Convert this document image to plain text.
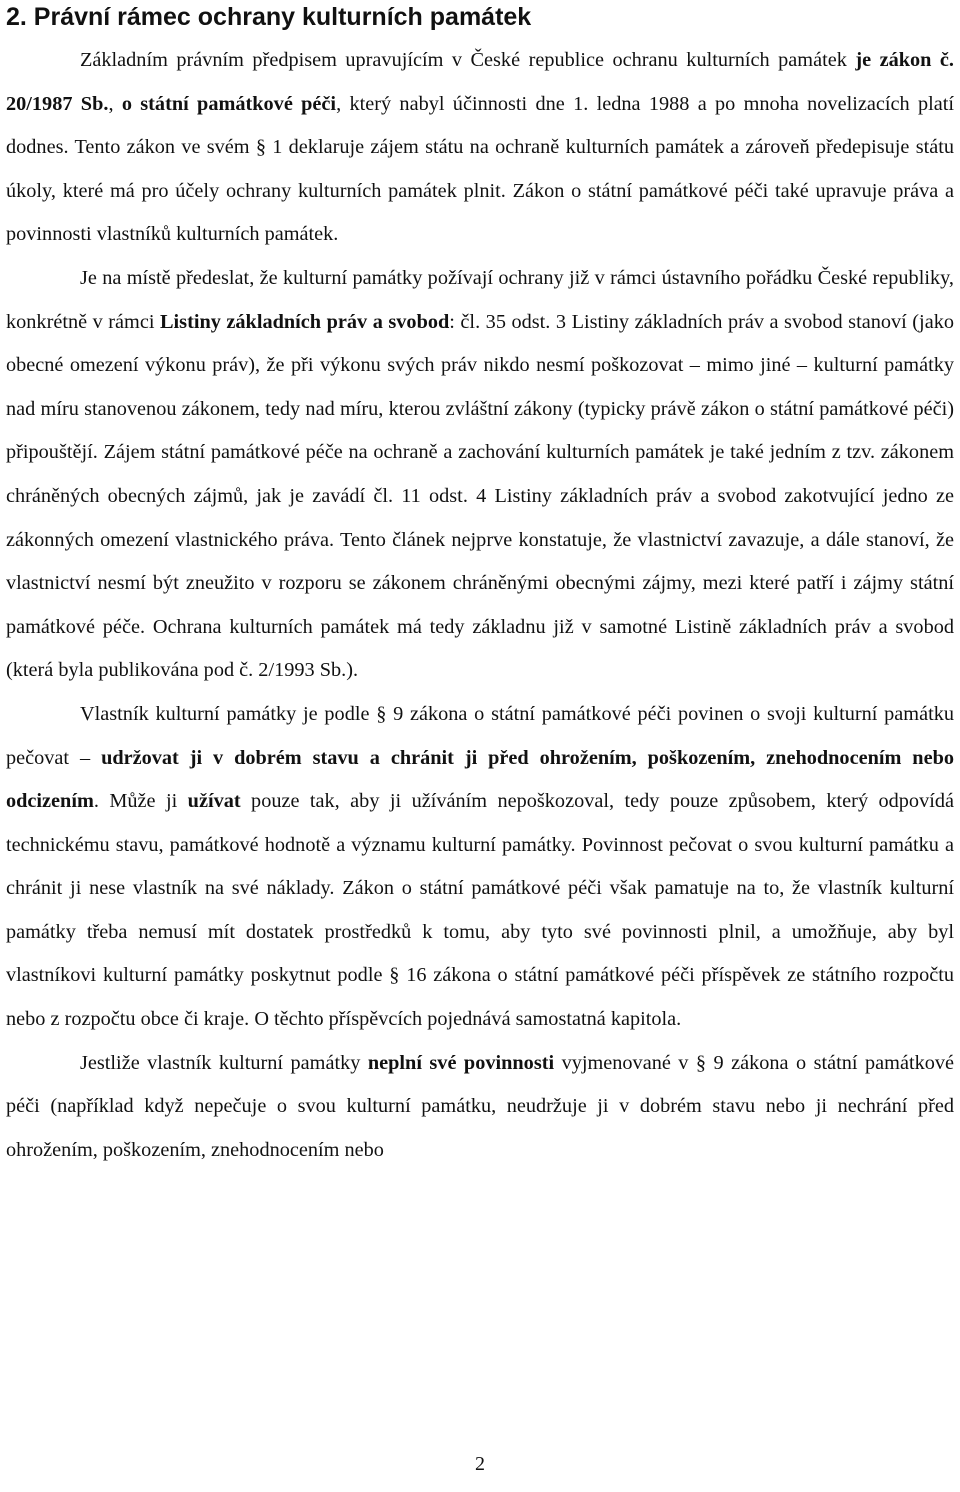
2. Právní rámec ochrany kulturních památek

Základním právním předpisem upravujícím v České republice ochranu kulturních památek je zákon č. 20/1987 Sb., o státní památkové péči, který nabyl účinnosti dne 1. ledna 1988 a po mnoha novelizacích platí dodnes. Tento zákon ve svém § 1 deklaruje zájem státu na ochraně kulturních památek a zároveň předepisuje státu úkoly, které má pro účely ochrany kulturních památek plnit. Zákon o státní památkové péči také upravuje práva a povinnosti vlastníků kulturních památek.

Je na místě předeslat, že kulturní památky požívají ochrany již v rámci ústavního pořádku České republiky, konkrétně v rámci Listiny základních práv a svobod: čl. 35 odst. 3 Listiny základních práv a svobod stanoví (jako obecné omezení výkonu práv), že při výkonu svých práv nikdo nesmí poškozovat – mimo jiné – kulturní památky nad míru stanovenou zákonem, tedy nad míru, kterou zvláštní zákony (typicky právě zákon o státní památkové péči) připouštějí. Zájem státní památkové péče na ochraně a zachování kulturních památek je také jedním z tzv. zákonem chráněných obecných zájmů, jak je zavádí čl. 11 odst. 4 Listiny základních práv a svobod zakotvující jedno ze zákonných omezení vlastnického práva. Tento článek nejprve konstatuje, že vlastnictví zavazuje, a dále stanoví, že vlastnictví nesmí být zneužito v rozporu se zákonem chráněnými obecnými zájmy, mezi které patří i zájmy státní památkové péče. Ochrana kulturních památek má tedy základnu již v samotné Listině základních práv a svobod (která byla publikována pod č. 2/1993 Sb.).

Vlastník kulturní památky je podle § 9 zákona o státní památkové péči povinen o svoji kulturní památku pečovat – udržovat ji v dobrém stavu a chránit ji před ohrožením, poškozením, znehodnocením nebo odcizením. Může ji užívat pouze tak, aby ji užíváním nepoškozoval, tedy pouze způsobem, který odpovídá technickému stavu, památkové hodnotě a významu kulturní památky. Povinnost pečovat o svou kulturní památku a chránit ji nese vlastník na své náklady. Zákon o státní památkové péči však pamatuje na to, že vlastník kulturní památky třeba nemusí mít dostatek prostředků k tomu, aby tyto své povinnosti plnil, a umožňuje, aby byl vlastníkovi kulturní památky poskytnut podle § 16 zákona o státní památkové péči příspěvek ze státního rozpočtu nebo z rozpočtu obce či kraje. O těchto příspěvcích pojednává samostatná kapitola.

Jestliže vlastník kulturní památky neplní své povinnosti vyjmenované v § 9 zákona o státní památkové péči (například když nepečuje o svou kulturní památku, neudržuje ji v dobrém stavu nebo ji nechrání před ohrožením, poškozením, znehodnocením nebo

2
